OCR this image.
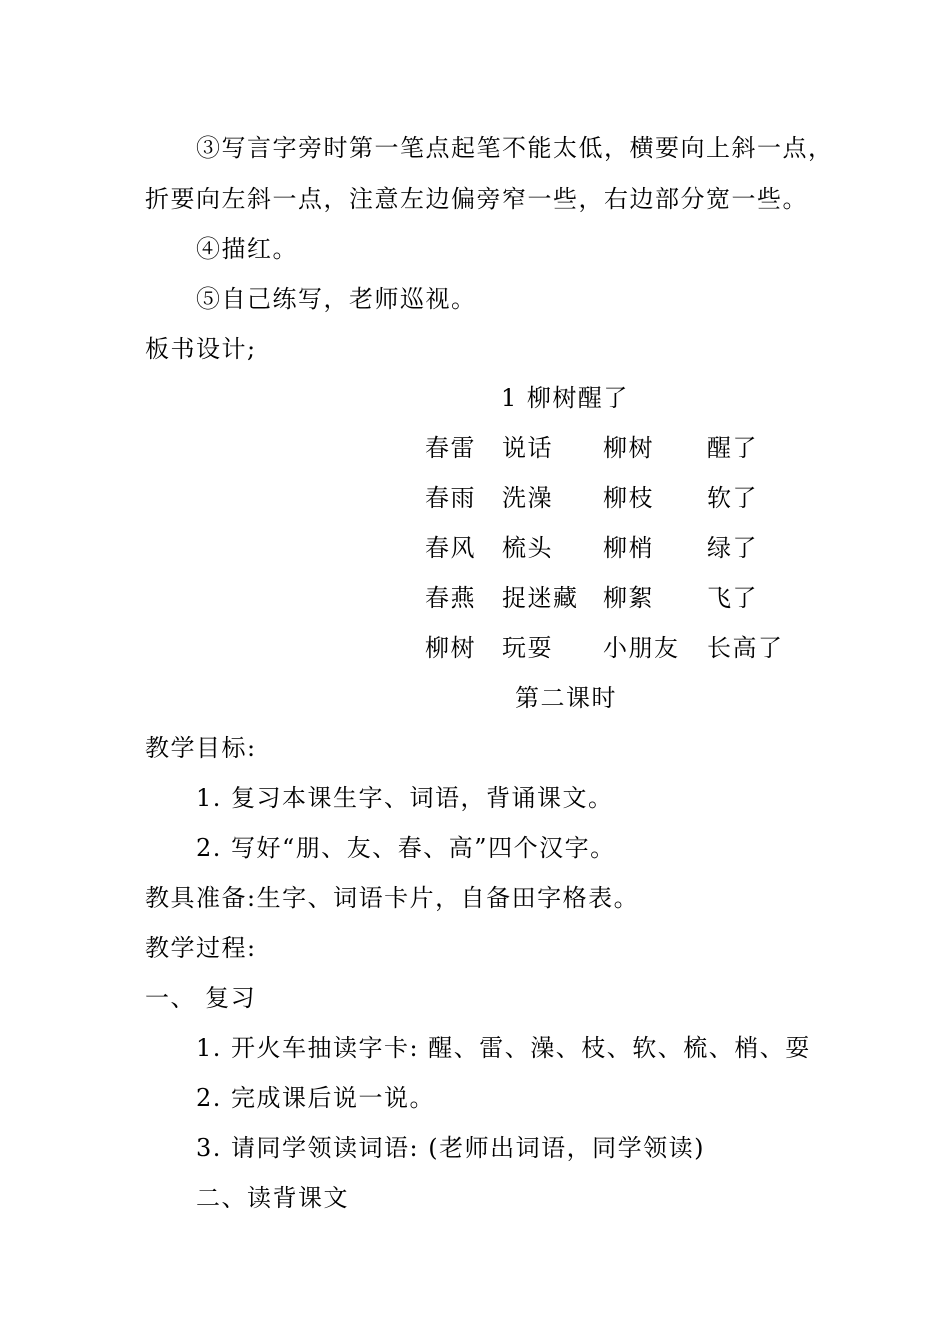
③写言字旁时第一笔点起笔不能太低，横要向上斜一点，
折要向左斜一点，注意左边偏旁窄一些，右边部分宽一些。
④描红。
⑤自己练写，老师巡视。
板书设计;
1 柳树醒了
春雷 说话 柳树 醒了
春雨 洗澡 柳枝 软了
春风 梳头 柳梢 绿了
春燕 捉迷藏 柳絮 飞了
柳树 玩耍 小朋友 长高了
第二课时
教学目标:
1. 复习本课生字、词语，背诵课文。
2. 写好“朋、友、春、高”四个汉字。
教具准备:生字、词语卡片，自备田字格表。
教学过程:
一、 复习
1. 开火车抽读字卡: 醒、雷、澡、枝、软、梳、梢、耍
2. 完成课后说一说。
3. 请同学领读词语: (老师出词语，同学领读)
二、读背课文
